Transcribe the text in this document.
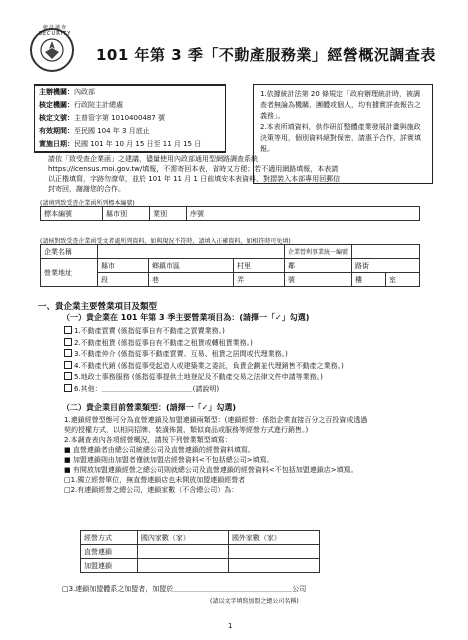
統計調查 SECURITY
101 年第 3 季「不動產服務業」經營概況調查表
主辦機關：內政部
核定機關：行政院主計總處
核定文號：主普管字第 1010400487 號
有效期間：至民國 104 年 3 月底止
實施日期：民國 101 年 10 月 15 日至 11 月 15 日
1.依據統計法第 20 條規定「政府辦理統計時，被調查者無論為機關、團體或個人，均有據實詳查報告之義務」。
2.本表所填資料，供作研訂整體產業發展計畫與施政決策等用，個別資料絕對保密，請惠予合作，詳實填報。
請依「致受查企業函」之建議，儘量使用內政部通用型網路調查系統
https://icensus.moi.gov.tw/填報，不需寄回本表，省時又方便；若不適用網路填報，本表請
以正楷填寫，字跡勿潦草，並於 101 年 11 月 1 日前填安本表資料，對摺裝入本部專用回郵信
封寄回，謝謝您的合作。
(請填列致受查企業函所列標本編號)
標本編號	縣市別	業別	序號
(請核對致受查企業函受文者處所列資料，如與現況不符時，請填入正確資料，如相符時可免填)
企業名稱				企業營利事業統一編號		
營業地址	縣市	鄉鎮市區	村里	鄰	路街	
	段	巷	弄	號	樓	室
一、貴企業主要營業項目及類型
（一）貴企業在 101 年第 3 季主要營業項目為：(請擇一「✓」勾選)
1.不動產買賣 (係指從事自有不動產之買賣業務。)
2.不動產租賃 (係指從事自有不動產之租賃或轉租賃業務。)
3.不動產仲介 (係指從事不動產買賣、互易、租賃之居間或代理業務。)
4.不動產代銷 (係指從事受起造人或建築業之委託，負責企劃並代理銷售不動產之業務。)
5.地政士事務服務 (係指從事提供土地登記及不動產交易之法律文件申請等業務。)
6.其他：＿＿＿＿＿＿＿＿＿＿＿＿＿(請說明)
（二）貴企業目前營業類型：(請擇一「✓」勾選)
1.連鎖經營型態可分為直營連鎖及加盟連鎖兩類型：(連鎖經營：係指企業直接百分之百投資或透過
契約授權方式，以相同招牌、裝潢佈置、類似商品或服務等經營方式進行銷售。)
2.本調查表內各項經營概況，請按下列營業類型填寫：
■ 直營連鎖者由總公司統總公司及直營連鎖的經營資料填寫。
■ 加盟連鎖則由加盟者僅就加盟店經營資料<不包括總公司>填寫。
■ 有開放加盟連鎖經營之總公司則就總公司及直營連鎖的經營資料<不包括加盟連鎖店>填寫。
□1.獨立經營單位，無直營連鎖店也未開放加盟連鎖經營者
□2.有連鎖經營之總公司，連鎖家數（不含總公司）為：
經營方式	國內家數（家）	國外家數（家）
直營連鎖		
加盟連鎖		
□3.連鎖加盟體系之加盟者，加盟於＿＿＿＿＿＿＿＿＿＿＿＿＿＿＿＿＿公司
(請以文字填寫加盟之總公司名稱)
1
